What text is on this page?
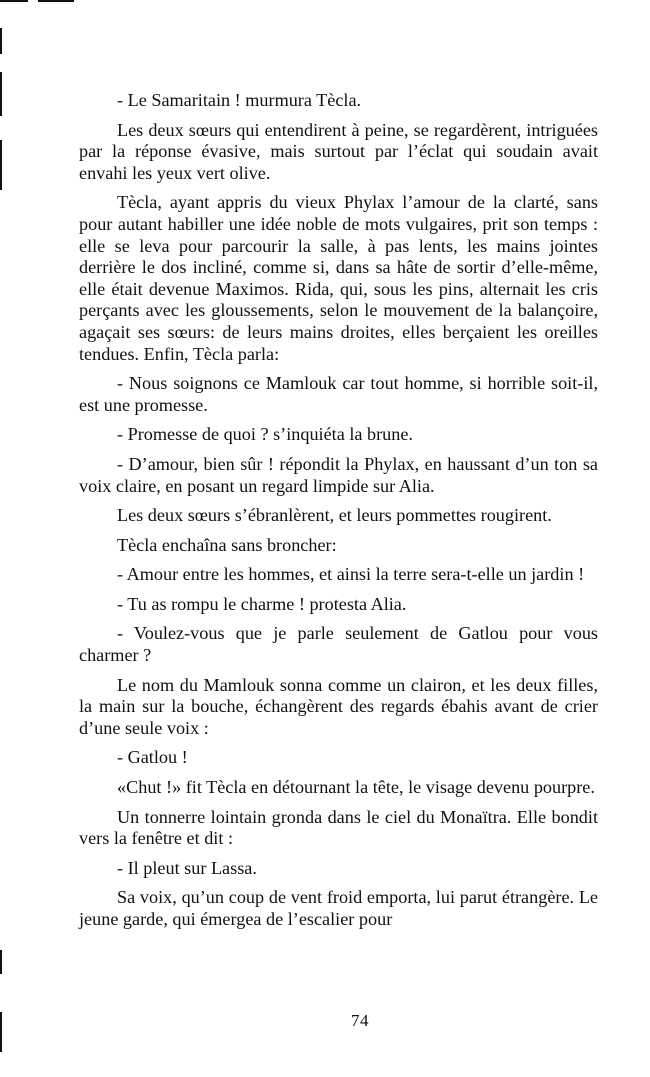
- Le Samaritain ! murmura Tècla.

Les deux sœurs qui entendirent à peine, se regardèrent, intriguées par la réponse évasive, mais surtout par l’éclat qui soudain avait envahi les yeux vert olive.

Tècla, ayant appris du vieux Phylax l’amour de la clarté, sans pour autant habiller une idée noble de mots vulgaires, prit son temps : elle se leva pour parcourir la salle, à pas lents, les mains jointes derrière le dos incliné, comme si, dans sa hâte de sortir d’elle-même, elle était devenue Maximos. Rida, qui, sous les pins, alternait les cris perçants avec les gloussements, selon le mouvement de la balançoire, agaçait ses sœurs: de leurs mains droites, elles berçaient les oreilles tendues. Enfin, Tècla parla:

- Nous soignons ce Mamlouk car tout homme, si horrible soit-il, est une promesse.

- Promesse de quoi ? s’inquiéta la brune.

- D’amour, bien sûr ! répondit la Phylax, en haussant d’un ton sa voix claire, en posant un regard limpide sur Alia.

Les deux sœurs s’ébranlèrent, et leurs pommettes rougirent.

Tècla enchaîna sans broncher:

- Amour entre les hommes, et ainsi la terre sera-t-elle un jardin !

- Tu as rompu le charme ! protesta Alia.

- Voulez-vous que je parle seulement de Gatlou pour vous charmer ?

Le nom du Mamlouk sonna comme un clairon, et les deux filles, la main sur la bouche, échangèrent des regards ébahis avant de crier d’une seule voix :

- Gatlou !

«Chut !» fit Tècla en détournant la tête, le visage devenu pourpre.

Un tonnerre lointain gronda dans le ciel du Monaïtra. Elle bondit vers la fenêtre et dit :

- Il pleut sur Lassa.

Sa voix, qu’un coup de vent froid emporta, lui parut étrangère. Le jeune garde, qui émergea de l’escalier pour

74
